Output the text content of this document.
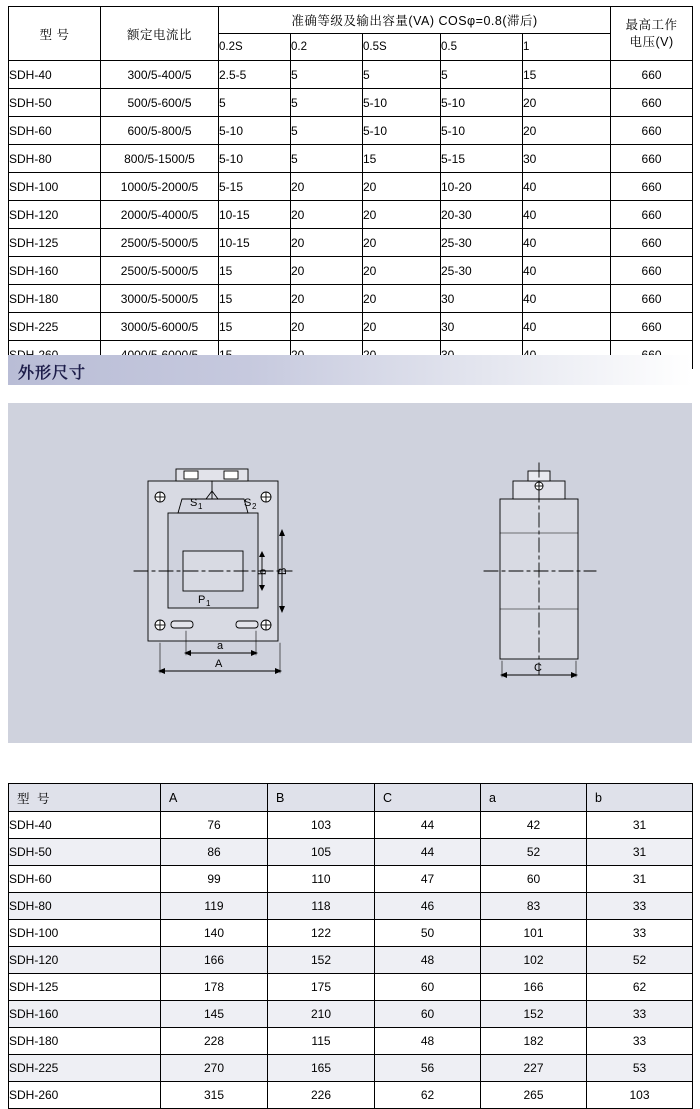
型 号	额定电流比	准确等级及输出容量(VA) COSφ=0.8(滞后)					最高工作
电压(V)

		0.2S	0.2	0.5S	0.5	1	
SDH-40	300/5-400/5	2.5-5	5	5	5	15	660
SDH-50	500/5-600/5	5	5	5-10	5-10	20	660
SDH-60	600/5-800/5	5-10	5	5-10	5-10	20	660
SDH-80	800/5-1500/5	5-10	5	15	5-15	30	660
SDH-100	1000/5-2000/5	5-15	20	20	10-20	40	660
SDH-120	2000/5-4000/5	10-15	20	20	20-30	40	660
SDH-125	2500/5-5000/5	10-15	20	20	25-30	40	660
SDH-160	2500/5-5000/5	15	20	20	25-30	40	660
SDH-180	3000/5-5000/5	15	20	20	30	40	660
SDH-225	3000/5-6000/5	15	20	20	30	40	660

外形尺寸
S 1	S 2
P 1
b B
a
A	C
型 号	A	B	C	a	b
SDH-40	76	103	44	42	31
SDH-50	86	105	44	52	31
SDH-60	99	110	47	60	31
SDH-80	119	118	46	83	33
SDH-100	140	122	50	101	33
SDH-120	166	152	48	102	52
SDH-125	178	175	60	166	62
SDH-160	145	210	60	152	33
SDH-180	228	115	48	182	33
SDH-225	270	165	56	227	53
SDH-260	315	226	62	265	103
